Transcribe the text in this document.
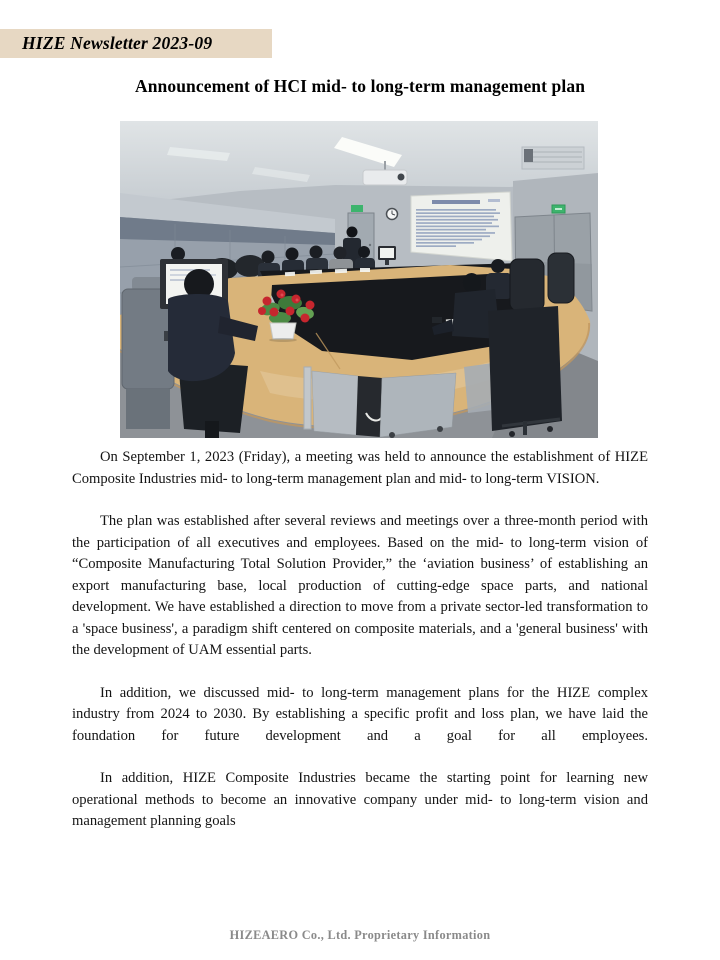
HIZE Newsletter 2023-09
Announcement of HCI mid- to long-term management plan

On September 1, 2023 (Friday), a meeting was held to announce the establishment of HIZE Composite Industries mid- to long-term management plan and mid- to long-term VISION.

The plan was established after several reviews and meetings over a three-month period with the participation of all executives and employees. Based on the mid- to long-term vision of “Composite Manufacturing Total Solution Provider,” the ‘aviation business’ of establishing an export manufacturing base, local production of cutting-edge space parts, and national development. We have established a direction to move from a private sector-led transformation to a 'space business', a paradigm shift centered on composite materials, and a 'general business' with the development of UAM essential parts.

In addition, we discussed mid- to long-term management plans for the HIZE complex industry from 2024 to 2030. By establishing a specific profit and loss plan, we have laid the foundation for future development and a goal for all employees.

In addition, HIZE Composite Industries became the starting point for learning new operational methods to become an innovative company under mid- to long-term vision and management planning goals

HIZEAERO Co., Ltd. Proprietary Information
